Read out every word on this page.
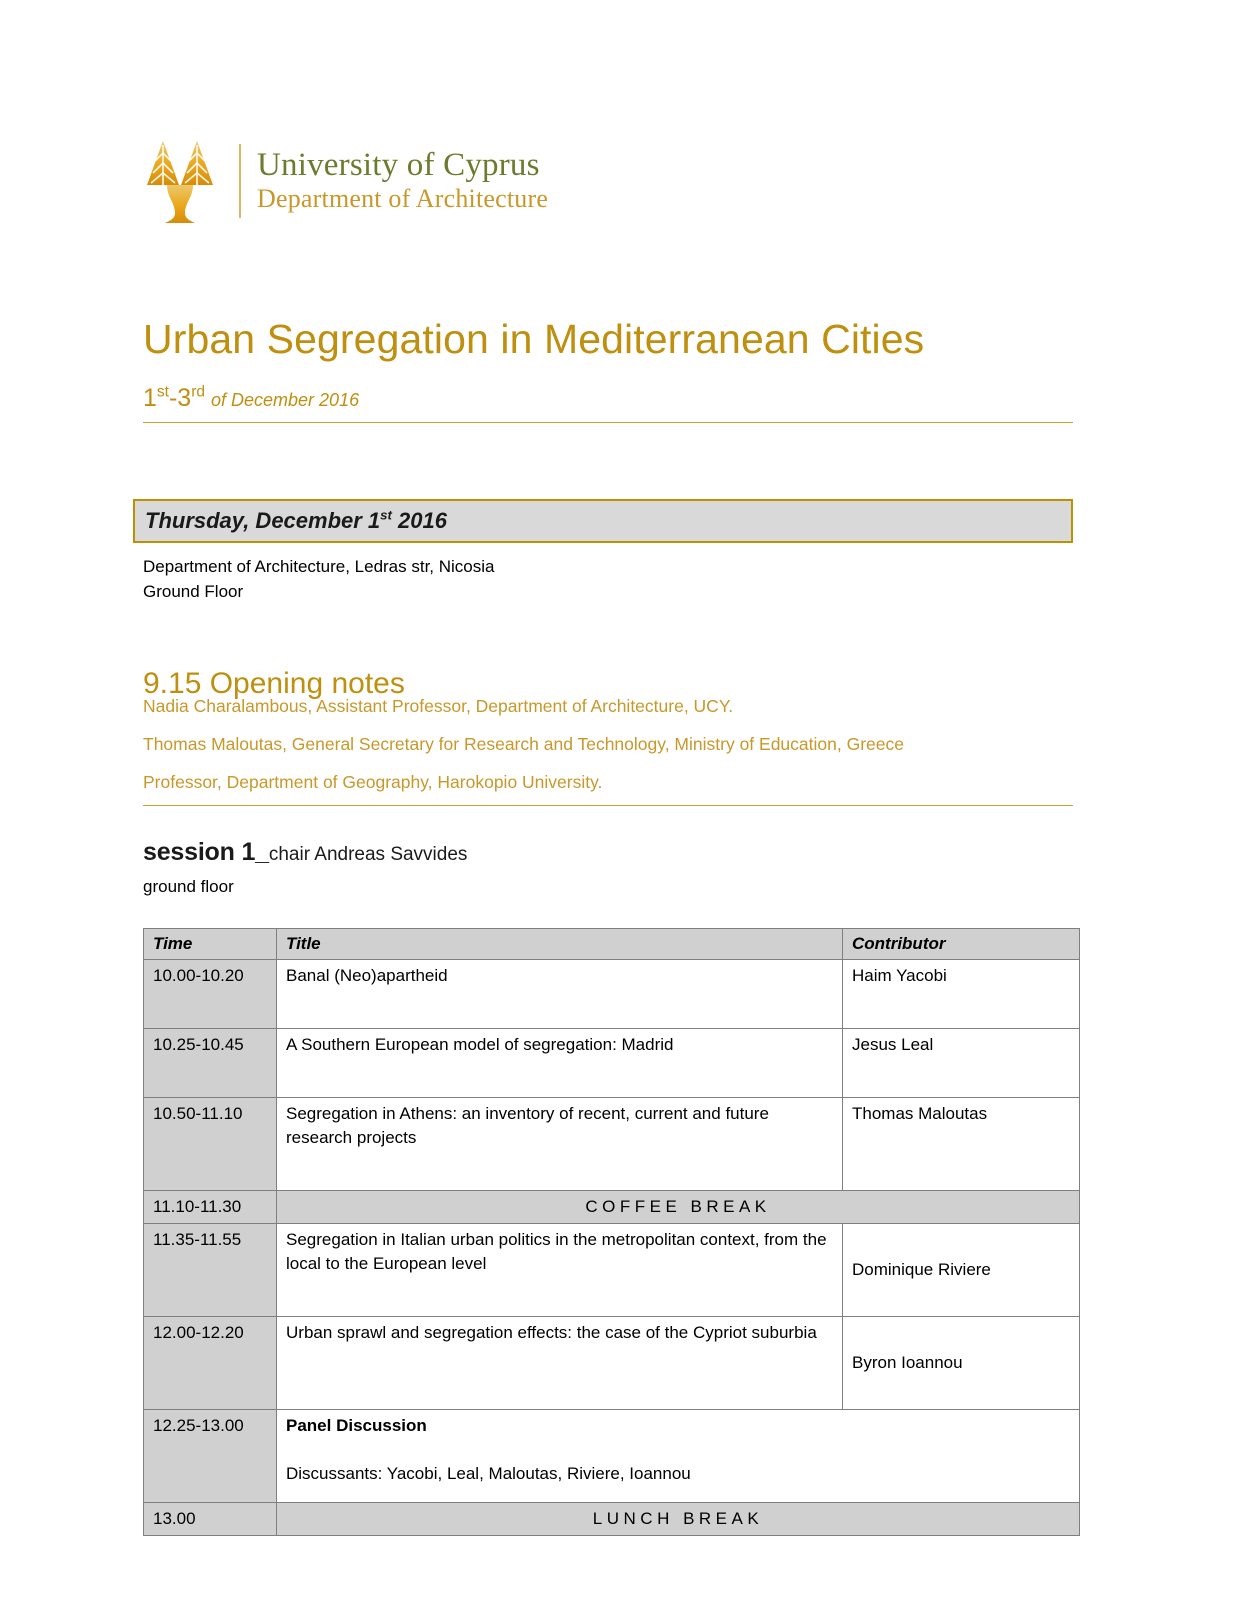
University of Cyprus
Department of Architecture
Urban Segregation in Mediterranean Cities
1st-3rd of December 2016
Thursday, December 1st 2016
Department of Architecture, Ledras str, Nicosia
Ground Floor
9.15 Opening notes

Nadia Charalambous, Assistant Professor, Department of Architecture, UCY.

Thomas Maloutas, General Secretary for Research and Technology, Ministry of Education, Greece

Professor, Department of Geography, Harokopio University.

session 1_chair Andreas Savvides
ground floor
Time	Title	Contributor
10.00-10.20	Banal (Neo)apartheid	Haim Yacobi
10.25-10.45	A Southern European model of segregation: Madrid	Jesus Leal
10.50-11.10	Segregation in Athens: an inventory of recent, current and future research projects	Thomas Maloutas
11.10-11.30	COFFEE BREAK	
11.35-11.55	Segregation in Italian urban politics in the metropolitan context, from the local to the European level	Dominique Riviere
12.00-12.20	Urban sprawl and segregation effects: the case of the Cypriot suburbia	Byron Ioannou
12.25-13.00	Panel Discussion
Discussants: Yacobi, Leal, Maloutas, Riviere, Ioannou	
13.00	LUNCH BREAK	
